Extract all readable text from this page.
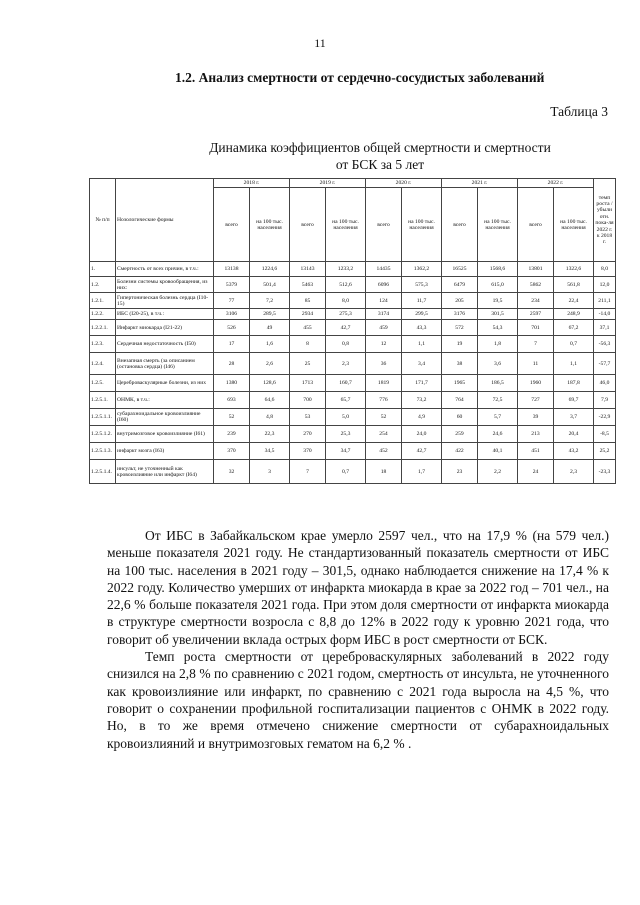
11
1.2. Анализ смертности от сердечно-сосудистых заболеваний
Таблица 3
Динамика коэффициентов общей смертности и смертности
от БСК за 5 лет
№ п/п	Нозологические формы	2018 г.		2019 г.		2020 г.		2021 г.		2022 г.		темп роста /убыли отн. пока-ля 2022 г. к 2018 г.
		всего	на 100 тыс. населения	всего	на 100 тыс. населения	всего	на 100 тыс. населения	всего	на 100 тыс. населения	всего	на 100 тыс. населения	
1.	Смертность от всех причин, в т.ч.:	13138	1224,6	13143	1233,2	14435	1362,2	16525	1568,6	13801	1322,6	8,0
1.2.	Болезни системы кровообращения, из них:	5379	501,4	5463	512,6	6096	575,3	6479	615,0	5862	561,8	12,0
1.2.1.	Гипертоническая болезнь сердца (I10-15)	77	7,2	85	8,0	124	11,7	205	19,5	234	22,4	211,1
1.2.2.	ИБС (I20-25), в т.ч.:	3106	289,5	2934	275,3	3174	299,5	3176	301,5	2597	248,9	-14,0
1.2.2.1.	Инфаркт миокарда (I21-22)	526	49	455	42,7	459	43,3	572	54,3	701	67,2	37,1
1.2.3.	Сердечная недостаточность (I50)	17	1,6	8	0,8	12	1,1	19	1,8	7	0,7	-56,3
1.2.4.	Внезапная смерть (за описанием (остановка сердца) (I46)	28	2,6	25	2,3	36	3,4	38	3,6	11	1,1	-57,7
1.2.5.	Цереброваскулярные болезни, из них	1380	128,6	1713	160,7	1819	171,7	1965	186,5	1960	187,8	46,0
1.2.5.1.	ОНМК, в т.ч.:	693	64,6	700	65,7	776	73,2	764	72,5	727	69,7	7,9
1.2.5.1.1.	субарахноидальное кровоизлияние (I60)	52	4,8	53	5,0	52	4,9	60	5,7	39	3,7	-22,9
1.2.5.1.2.	внутримозговое кровоизлияние (I61)	239	22,3	270	25,3	254	24,0	259	24,6	213	20,4	-8,5
1.2.5.1.3.	инфаркт мозга (I63)	370	34,5	370	34,7	452	42,7	422	40,1	451	43,2	25,2
1.2.5.1.4.	инсульт, не уточненный как кровоизлияние или инфаркт (I64)	32	3	7	0,7	18	1,7	23	2,2	24	2,3	-23,3

От ИБС в Забайкальском крае умерло 2597 чел., что на 17,9 % (на 579 чел.) меньше показателя 2021 году. Не стандартизованный показатель смертности от ИБС на 100 тыс. населения в 2021 году – 301,5, однако наблюдается снижение на 17,4 % к 2022 году. Количество умерших от инфаркта миокарда в крае за 2022 год – 701 чел., на 22,6 % больше показателя 2021 года. При этом доля смертности от инфаркта миокарда в структуре смертности возросла с 8,8 до 12% в 2022 году к уровню 2021 года, что говорит об увеличении вклада острых форм ИБС в рост смертности от БСК.

Темп роста смертности от цереброваскулярных заболеваний в 2022 году снизился на 2,8 % по сравнению с 2021 годом, смертность от инсульта, не уточненного как кровоизлияние или инфаркт, по сравнению с 2021 года выросла на 4,5 %, что говорит о сохранении профильной госпитализации пациентов с ОНМК в 2022 году. Но, в то же время отмечено снижение смертности от субарахноидальных кровоизлияний и внутримозговых гематом на 6,2 % .
